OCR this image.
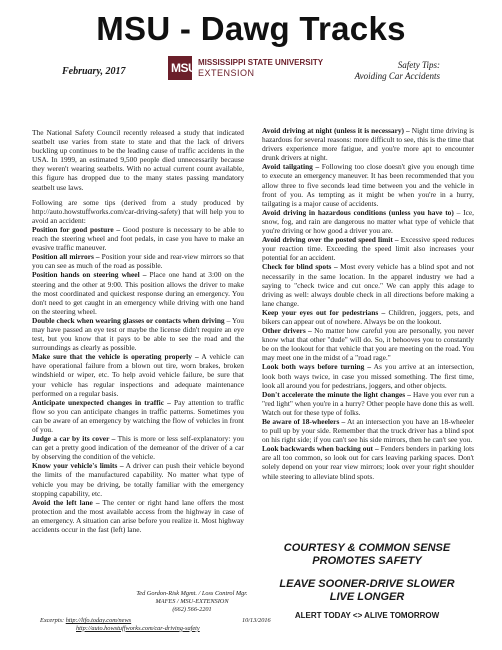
MSU - Dawg Tracks
February, 2017	MSU MISSISSIPPI STATE UNIVERSITY
EXTENSION
Safety Tips:
Avoiding Car Accidents

The National Safety Council recently released a study that indicated seatbelt use varies from state to state and that the lack of drivers buckling up continues to be the leading cause of traffic accidents in the USA. In 1999, an estimated 9,500 people died unnecessarily because they weren't wearing seatbelts. With no actual current count available, this figure has dropped due to the many states passing mandatory seatbelt use laws.

Following are some tips (derived from a study produced by http://auto.howstuffworks.com/car-driving-safety) that will help you to avoid an accident:

Position for good posture – Good posture is necessary to be able to reach the steering wheel and foot pedals, in case you have to make an evasive traffic maneuver.

Position all mirrors – Position your side and rear-view mirrors so that you can see as much of the road as possible.

Position hands on steering wheel – Place one hand at 3:00 on the steering and the other at 9:00. This position allows the driver to make the most coordinated and quickest response during an emergency. You don't need to get caught in an emergency while driving with one hand on the steering wheel.

Double check when wearing glasses or contacts when driving – You may have passed an eye test or maybe the license didn't require an eye test, but you know that it pays to be able to see the road and the surroundings as clearly as possible.

Make sure that the vehicle is operating properly – A vehicle can have operational failure from a blown out tire, worn brakes, broken windshield or wiper, etc. To help avoid vehicle failure, be sure that your vehicle has regular inspections and adequate maintenance performed on a regular basis.

Anticipate unexpected changes in traffic – Pay attention to traffic flow so you can anticipate changes in traffic patterns. Sometimes you can be aware of an emergency by watching the flow of vehicles in front of you.

Judge a car by its cover – This is more or less self-explanatory: you can get a pretty good indication of the demeanor of the driver of a car by observing the condition of the vehicle.

Know your vehicle's limits – A driver can push their vehicle beyond the limits of the manufactured capability. No matter what type of vehicle you may be driving, be totally familiar with the emergency stopping capability, etc.

Avoid the left lane – The center or right hand lane offers the most protection and the most available access from the highway in case of an emergency. A situation can arise before you realize it. Most highway accidents occur in the fast (left) lane.

Avoid driving at night (unless it is necessary) – Night time driving is hazardous for several reasons: more difficult to see, this is the time that drivers experience more fatigue, and you're more apt to encounter drunk drivers at night.

Avoid tailgating – Following too close doesn't give you enough time to execute an emergency maneuver. It has been recommended that you allow three to five seconds lead time between you and the vehicle in front of you. As tempting as it might be when you're in a hurry, tailgating is a major cause of accidents.

Avoid driving in hazardous conditions (unless you have to) – Ice, snow, fog, and rain are dangerous no matter what type of vehicle that you're driving or how good a driver you are.

Avoid driving over the posted speed limit – Excessive speed reduces your reaction time. Exceeding the speed limit also increases your potential for an accident.

Check for blind spots – Most every vehicle has a blind spot and not necessarily in the same location. In the apparel industry we had a saying to "check twice and cut once." We can apply this adage to driving as well: always double check in all directions before making a lane change.

Keep your eyes out for pedestrians – Children, joggers, pets, and bikers can appear out of nowhere. Always be on the lookout.

Other drivers – No matter how careful you are personally, you never know what that other "dude" will do. So, it behooves you to constantly be on the lookout for that vehicle that you are meeting on the road. You may meet one in the midst of a "road rage."

Look both ways before turning – As you arrive at an intersection, look both ways twice, in case you missed something. The first time, look all around you for pedestrians, joggers, and other objects.

Don't accelerate the minute the light changes – Have you ever run a "red light" when you're in a hurry? Other people have done this as well. Watch out for these type of folks.

Be aware of 18-wheelers – At an intersection you have an 18-wheeler to pull up by your side. Remember that the truck driver has a blind spot on his right side; if you can't see his side mirrors, then he can't see you.

Look backwards when backing out – Fenders benders in parking lots are all too common, so look out for cars leaving parking spaces. Don't solely depend on your rear view mirrors; look over your right shoulder while steering to alleviate blind spots.

Ted Gordon-Risk Mgmt. / Loss Control Mgr.
MAFES / MSU-EXTENSION
(662) 566-2201
Excerpts: http://lifo.today.com/news	10/13/2016
http://auto.howstuffworks.com/car-driving-safety
COURTESY & COMMON SENSE
PROMOTES SAFETY
LEAVE SOONER-DRIVE SLOWER
LIVE LONGER
ALERT TODAY <> ALIVE TOMORROW
